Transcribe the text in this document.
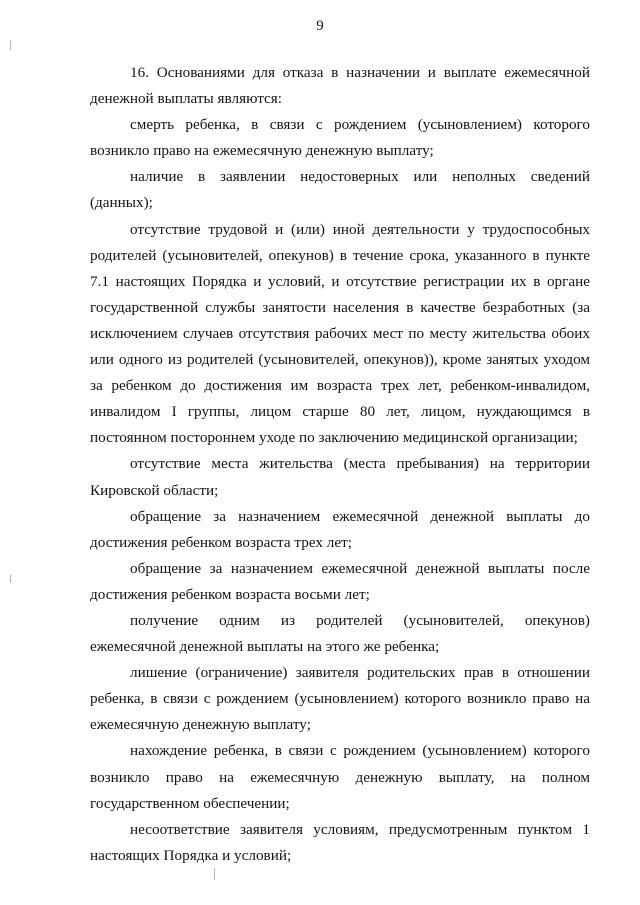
9

16. Основаниями для отказа в назначении и выплате ежемесячной денежной выплаты являются:

смерть ребенка, в связи с рождением (усыновлением) которого возникло право на ежемесячную денежную выплату;

наличие в заявлении недостоверных или неполных сведений (данных);

отсутствие трудовой и (или) иной деятельности у трудоспособных родителей (усыновителей, опекунов) в течение срока, указанного в пункте 7.1 настоящих Порядка и условий, и отсутствие регистрации их в органе государственной службы занятости населения в качестве безработных (за исключением случаев отсутствия рабочих мест по месту жительства обоих или одного из родителей (усыновителей, опекунов)), кроме занятых уходом за ребенком до достижения им возраста трех лет, ребенком-инвалидом, инвалидом I группы, лицом старше 80 лет, лицом, нуждающимся в постоянном постороннем уходе по заключению медицинской организации;

отсутствие места жительства (места пребывания) на территории Кировской области;

обращение за назначением ежемесячной денежной выплаты до достижения ребенком возраста трех лет;

обращение за назначением ежемесячной денежной выплаты после достижения ребенком возраста восьми лет;

получение одним из родителей (усыновителей, опекунов) ежемесячной денежной выплаты на этого же ребенка;

лишение (ограничение) заявителя родительских прав в отношении ребенка, в связи с рождением (усыновлением) которого возникло право на ежемесячную денежную выплату;

нахождение ребенка, в связи с рождением (усыновлением) которого возникло право на ежемесячную денежную выплату, на полном государственном обеспечении;

несоответствие заявителя условиям, предусмотренным пунктом 1 настоящих Порядка и условий;
